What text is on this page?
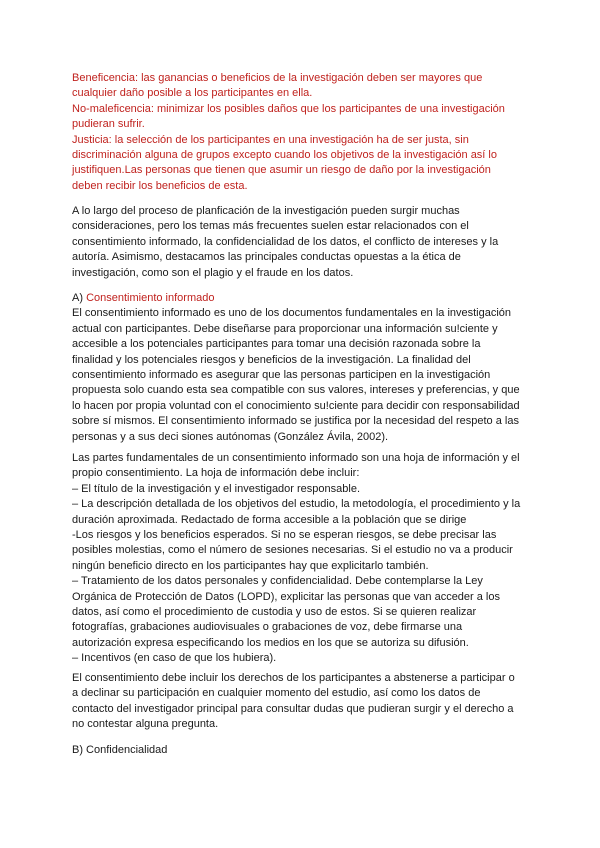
Beneficencia: las ganancias o beneficios de la investigación deben ser mayores que
cualquier daño posible a los participantes en ella.
No-maleficencia: minimizar los posibles daños que los participantes de una investigación
pudieran sufrir.
Justicia: la selección de los participantes en una investigación ha de ser justa, sin
discriminación alguna de grupos excepto cuando los objetivos de la investigación así lo
justifiquen.Las personas que tienen que asumir un riesgo de daño por la investigación
deben recibir los beneficios de esta.
A lo largo del proceso de planficación de la investigación pueden surgir muchas
consideraciones, pero los temas más frecuentes suelen estar relacionados con el
consentimiento informado, la confidencialidad de los datos, el conflicto de intereses y la
autoría. Asimismo, destacamos las principales conductas opuestas a la ética de
investigación, como son el plagio y el fraude en los datos.
A) Consentimiento informado
El consentimiento informado es uno de los documentos fundamentales en la investigación
actual con participantes. Debe diseñarse para proporcionar una información su!ciente y
accesible a los potenciales participantes para tomar una decisión razonada sobre la
finalidad y los potenciales riesgos y beneficios de la investigación. La finalidad del
consentimiento informado es asegurar que las personas participen en la investigación
propuesta solo cuando esta sea compatible con sus valores, intereses y preferencias, y que
lo hacen por propia voluntad con el conocimiento su!ciente para decidir con responsabilidad
sobre sí mismos. El consentimiento informado se justifica por la necesidad del respeto a las
personas y a sus deci siones autónomas (González Ávila, 2002).
Las partes fundamentales de un consentimiento informado son una hoja de información y el
propio consentimiento. La hoja de información debe incluir:
– El título de la investigación y el investigador responsable.
– La descripción detallada de los objetivos del estudio, la metodología, el procedimiento y la
duración aproximada. Redactado de forma accesible a la población que se dirige
-Los riesgos y los beneficios esperados. Si no se esperan riesgos, se debe precisar las
posibles molestias, como el número de sesiones necesarias. Si el estudio no va a producir
ningún beneficio directo en los participantes hay que explicitarlo también.
– Tratamiento de los datos personales y confidencialidad. Debe contemplarse la Ley
Orgánica de Protección de Datos (LOPD), explicitar las personas que van acceder a los
datos, así como el procedimiento de custodia y uso de estos. Si se quieren realizar
fotografías, grabaciones audiovisuales o grabaciones de voz, debe firmarse una
autorización expresa especificando los medios en los que se autoriza su difusión.
– Incentivos (en caso de que los hubiera).
El consentimiento debe incluir los derechos de los participantes a abstenerse a participar o
a declinar su participación en cualquier momento del estudio, así como los datos de
contacto del investigador principal para consultar dudas que pudieran surgir y el derecho a
no contestar alguna pregunta.
B) Confidencialidad
